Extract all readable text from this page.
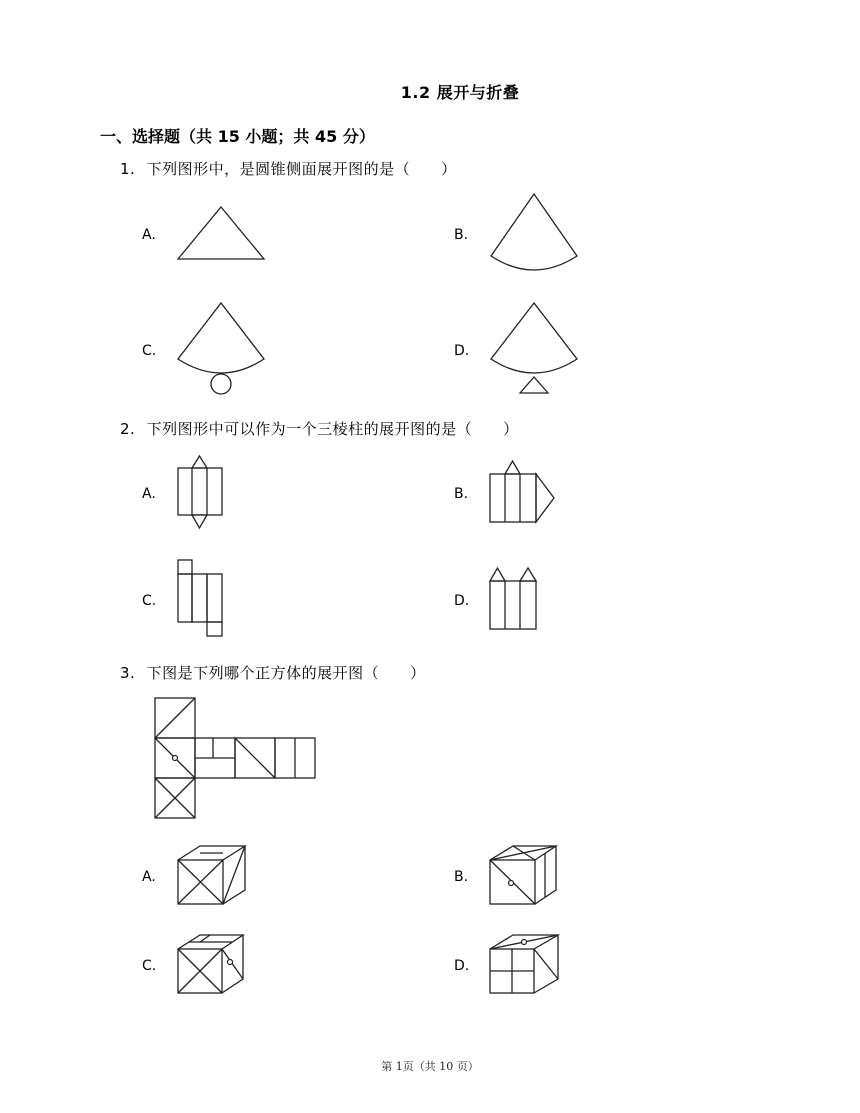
1.2 展开与折叠
一、选择题（共 15 小题；共 45 分）
1. 下列图形中，是圆锥侧面展开图的是（　　）
A.	B.
C.	D.
2. 下列图形中可以作为一个三棱柱的展开图的是（　　）
A.	B.
C.	D.
3. 下图是下列哪个正方体的展开图（　　）
A.	B.
C.	D.
第 1页（共 10 页）
